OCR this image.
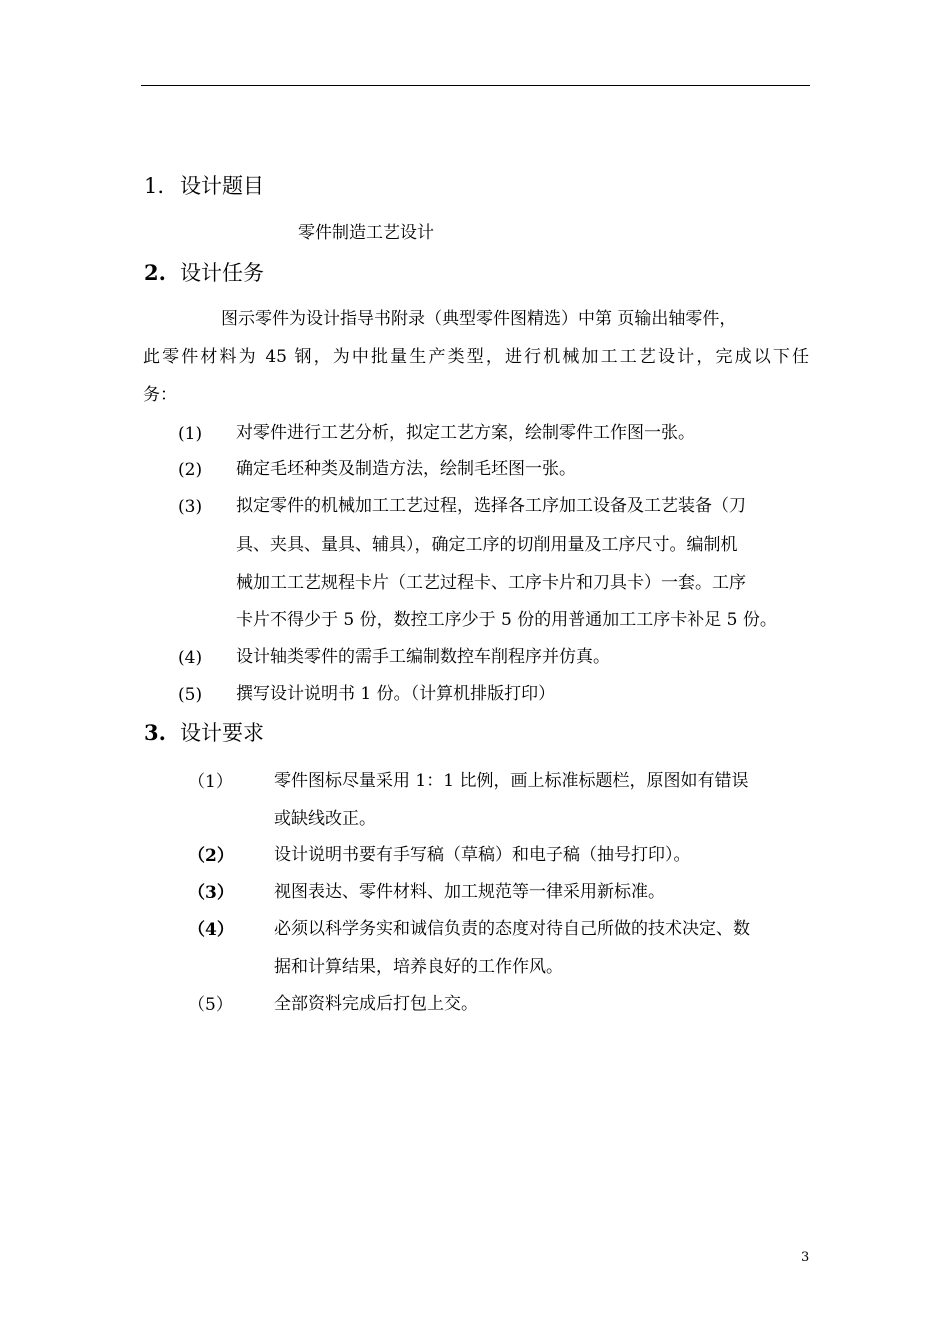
1. 设计题目
零件制造工艺设计
2. 设计任务
图示零件为设计指导书附录（典型零件图精选）中第 页输出轴零件，
此零件材料为 45 钢，为中批量生产类型，进行机械加工工艺设计，完成以下任
务：
(1) 对零件进行工艺分析，拟定工艺方案，绘制零件工作图一张。
(2) 确定毛坯种类及制造方法，绘制毛坯图一张。
(3) 拟定零件的机械加工工艺过程，选择各工序加工设备及工艺装备（刀
具、夹具、量具、辅具），确定工序的切削用量及工序尺寸。编制机
械加工工艺规程卡片（工艺过程卡、工序卡片和刀具卡）一套。工序
卡片不得少于 5 份，数控工序少于 5 份的用普通加工工序卡补足 5 份。
(4) 设计轴类零件的需手工编制数控车削程序并仿真。
(5) 撰写设计说明书 1 份。（计算机排版打印）
3. 设计要求
（1） 零件图标尽量采用 1：1 比例，画上标准标题栏，原图如有错误
或缺线改正。
（2） 设计说明书要有手写稿（草稿）和电子稿（抽号打印）。
（3） 视图表达、零件材料、加工规范等一律采用新标准。
（4） 必须以科学务实和诚信负责的态度对待自己所做的技术决定、数
据和计算结果，培养良好的工作作风。
（5） 全部资料完成后打包上交。
3
